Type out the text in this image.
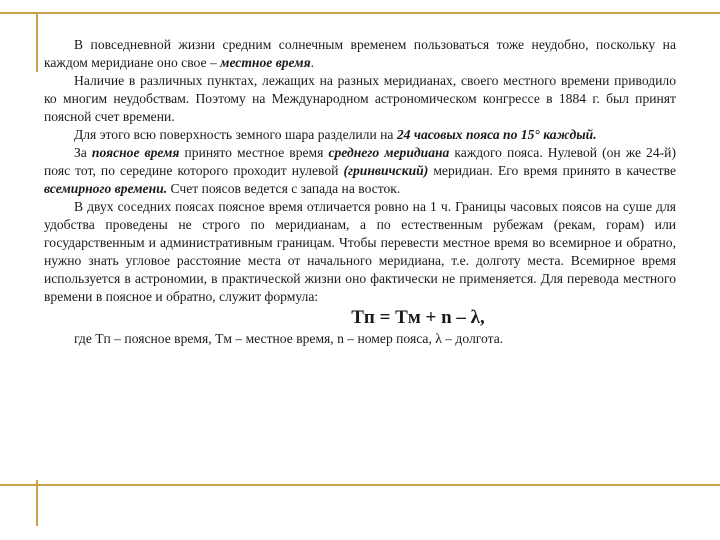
В повседневной жизни средним солнечным временем пользоваться тоже неудобно, поскольку на каждом меридиане оно свое – местное время.

Наличие в различных пунктах, лежащих на разных меридианах, своего местного времени приводило ко многим неудобствам. Поэтому на Международном астрономическом конгрессе в 1884 г. был принят поясной счет времени.

Для этого всю поверхность земного шара разделили на 24 часовых пояса по 15° каждый.

За поясное время принято местное время среднего меридиана каждого пояса. Нулевой (он же 24-й) пояс тот, по середине которого проходит нулевой (гринвичский) меридиан. Его время принято в качестве всемирного времени. Счет поясов ведется с запада на восток.

В двух соседних поясах поясное время отличается ровно на 1 ч. Границы часовых поясов на суше для удобства проведены не строго по меридианам, а по естественным рубежам (рекам, горам) или государственным и административным границам. Чтобы перевести местное время во всемирное и обратно, нужно знать угловое расстояние места от начального меридиана, т.е. долготу места. Всемирное время используется в астрономии, в практической жизни оно фактически не применяется. Для перевода местного времени в поясное и обратно, служит формула:

Tп = Tм + n – λ,

где Tп – поясное время, Tм – местное время, n – номер пояса, λ – долгота.
